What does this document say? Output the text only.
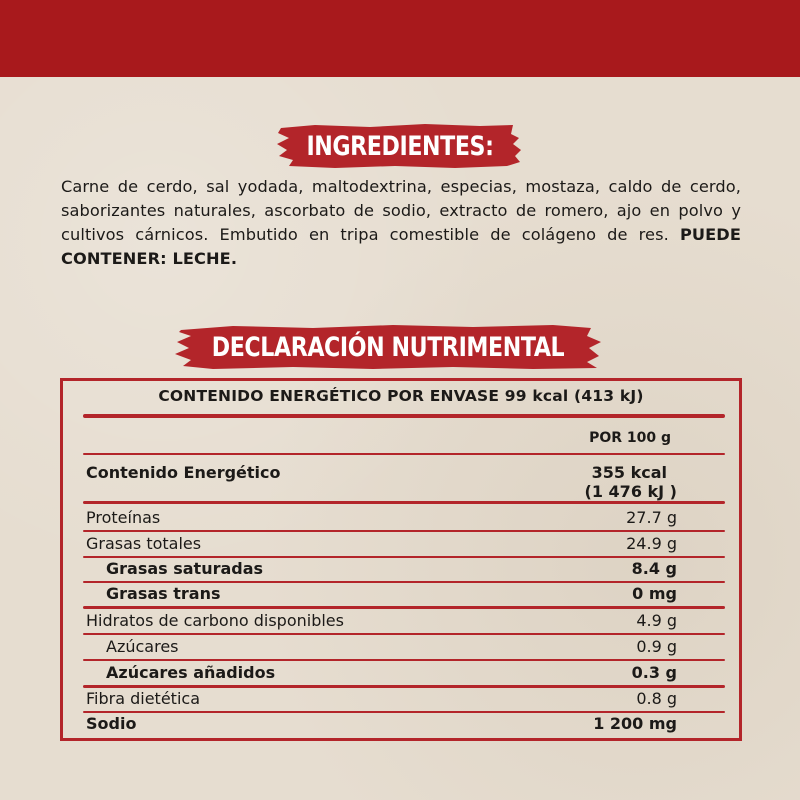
INGREDIENTES:
Carne de cerdo, sal yodada, maltodextrina, especias, mostaza, caldo de cerdo, saborizantes naturales, ascorbato de sodio, extracto de romero, ajo en polvo y cultivos cárnicos. Embutido en tripa comestible de colágeno de res. PUEDE CONTENER: LECHE.
DECLARACIÓN NUTRIMENTAL
CONTENIDO ENERGÉTICO POR ENVASE 99 kcal (413 kJ)
POR 100 g
Contenido Energético	355 kcal
(1 476 kJ )
Proteínas	27.7 g
Grasas totales	24.9 g
Grasas saturadas	8.4 g
Grasas trans	0 mg
Hidratos de carbono disponibles	4.9 g
Azúcares	0.9 g
Azúcares añadidos	0.3 g
Fibra dietética	0.8 g
Sodio	1 200 mg
